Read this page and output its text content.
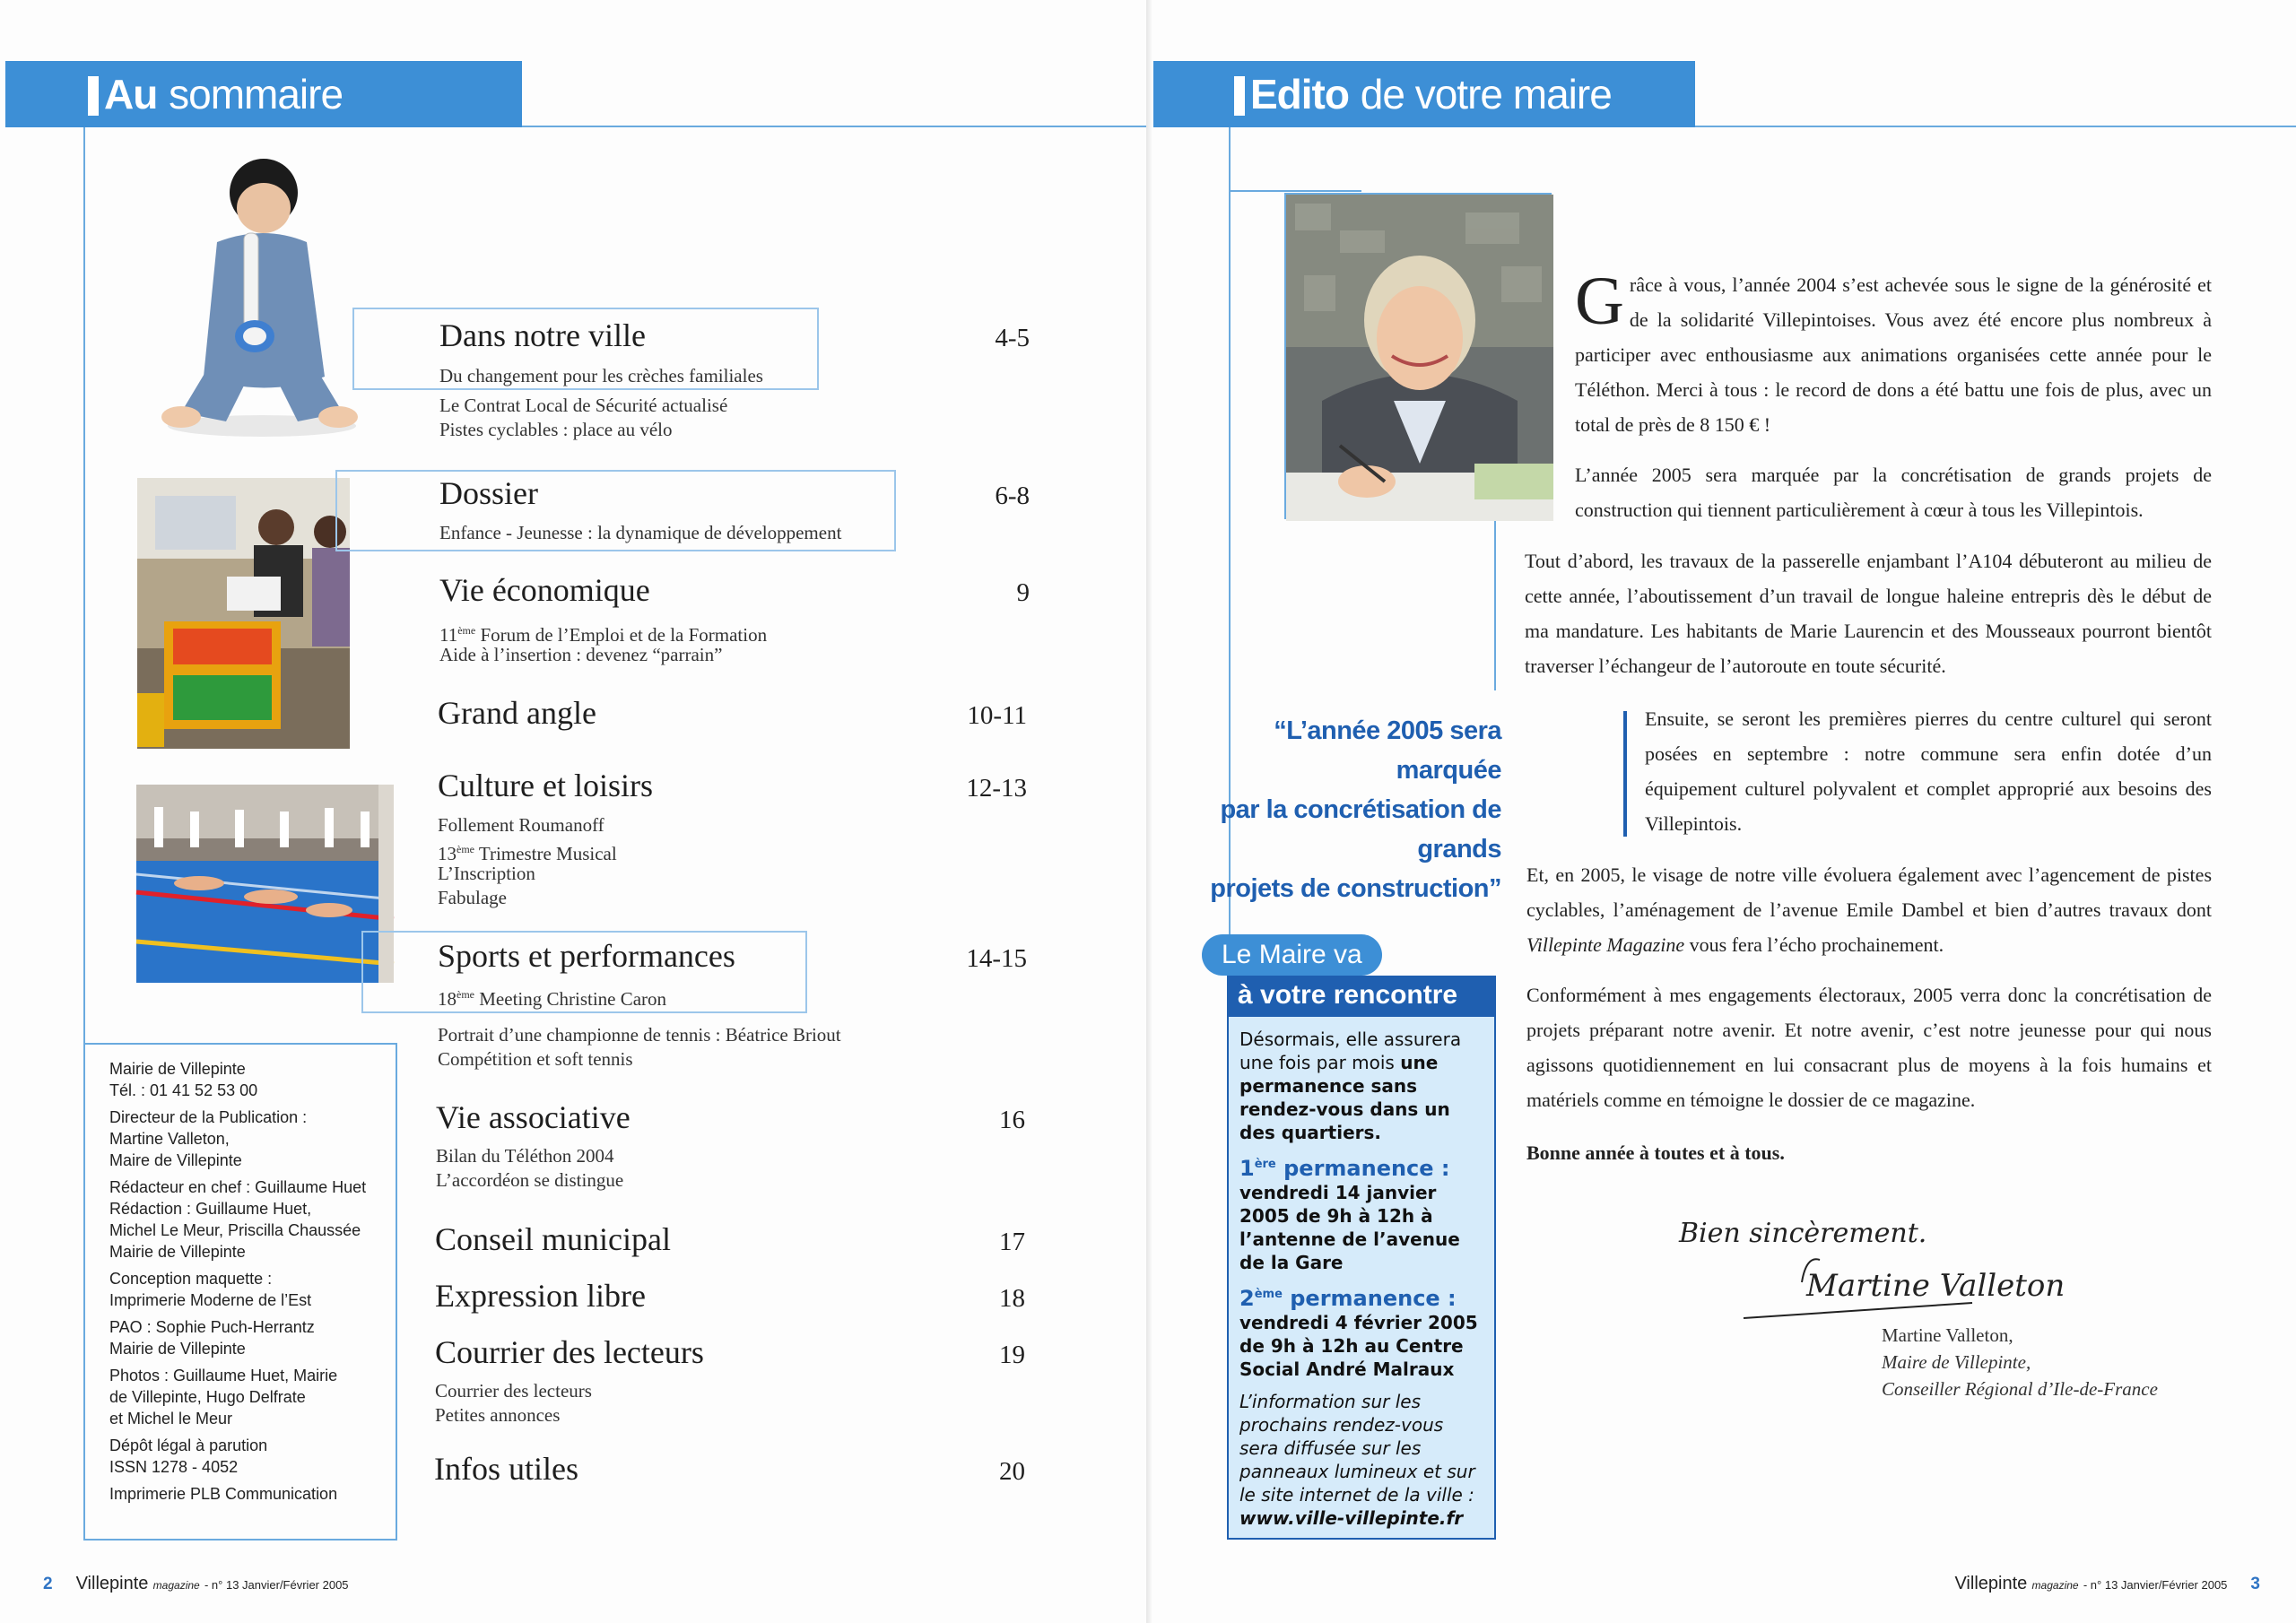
Au sommaire
Dans notre ville	4-5
Du changement pour les crèches familiales
Le Contrat Local de Sécurité actualisé
Pistes cyclables : place au vélo
Dossier	6-8
Enfance - Jeunesse : la dynamique de développement
Vie économique	9
11ème Forum de l’Emploi et de la Formation
Aide à l’insertion : devenez “parrain”
Grand angle	10-11
Culture et loisirs	12-13
Follement Roumanoff
13ème Trimestre Musical
L’Inscription
Fabulage
Sports et performances	14-15
18ème Meeting Christine Caron
Portrait d’une championne de tennis : Béatrice Briout
Compétition et soft tennis
Vie associative	16
Bilan du Téléthon 2004
L’accordéon se distingue
Conseil municipal	17
Expression libre	18
Courrier des lecteurs	19
Courrier des lecteurs
Petites annonces
Infos utiles	20

Mairie de Villepinte
Tél. : 01 41 52 53 00

Directeur de la Publication :
Martine Valleton,
Maire de Villepinte

Rédacteur en chef : Guillaume Huet
Rédaction : Guillaume Huet,
Michel Le Meur, Priscilla Chaussée
Mairie de Villepinte

Conception maquette :
Imprimerie Moderne de l’Est

PAO : Sophie Puch-Herrantz
Mairie de Villepinte

Photos : Guillaume Huet, Mairie
de Villepinte, Hugo Delfrate
et Michel le Meur

Dépôt légal à parution
ISSN 1278 - 4052

Imprimerie PLB Communication

2 Villepinte magazine - n° 13 Janvier/Février 2005
Edito de votre maire
Grâce à vous, l’année 2004 s’est achevée sous le signe de la générosité et de la solidarité Villepintoises. Vous avez été encore plus nombreux à participer avec enthousiasme aux animations organisées cette année pour le Téléthon. Merci à tous : le record de dons a été battu une fois de plus, avec un total de près de 8 150 € !

L’année 2005 sera marquée par la concrétisation de grands projets de construction qui tiennent particulièrement à cœur à tous les Villepintois.

Tout d’abord, les travaux de la passerelle enjambant l’A104 débuteront au milieu de cette année, l’aboutissement d’un travail de longue haleine entrepris dès le début de ma mandature. Les habitants de Marie Laurencin et des Mousseaux pourront bientôt traverser l’échangeur de l’autoroute en toute sécurité.

“L’année 2005 sera marquée
par la concrétisation de grands
projets de construction”

Ensuite, se seront les premières pierres du centre culturel qui seront posées en septembre : notre commune sera enfin dotée d’un équipement culturel polyvalent et complet approprié aux besoins des Villepintois.

Et, en 2005, le visage de notre ville évoluera également avec l’agencement de pistes cyclables, l’aménagement de l’avenue Emile Dambel et bien d’autres travaux dont Villepinte Magazine vous fera l’écho prochainement.

Conformément à mes engagements électoraux, 2005 verra donc la concrétisation de projets préparant notre avenir. Et notre avenir, c’est notre jeunesse pour qui nous agissons quotidiennement en lui consacrant plus de moyens à la fois humains et matériels comme en témoigne le dossier de ce magazine.

Bonne année à toutes et à tous.

Le Maire va
à votre rencontre

Désormais, elle assurera une fois par mois une permanence sans rendez-vous dans un des quartiers.

1ère permanence :
vendredi 14 janvier 2005 de 9h à 12h à l’antenne de l’avenue de la Gare

2ème permanence :
vendredi 4 février 2005 de 9h à 12h au Centre Social André Malraux

L’information sur les prochains rendez-vous sera diffusée sur les panneaux lumineux et sur le site internet de la ville :
www.ville-villepinte.fr

Bien sincèrement.
Martine Valleton
Martine Valleton,
Maire de Villepinte,
Conseiller Régional d’Ile-de-France
Villepinte magazine - n° 13 Janvier/Février 2005 3
